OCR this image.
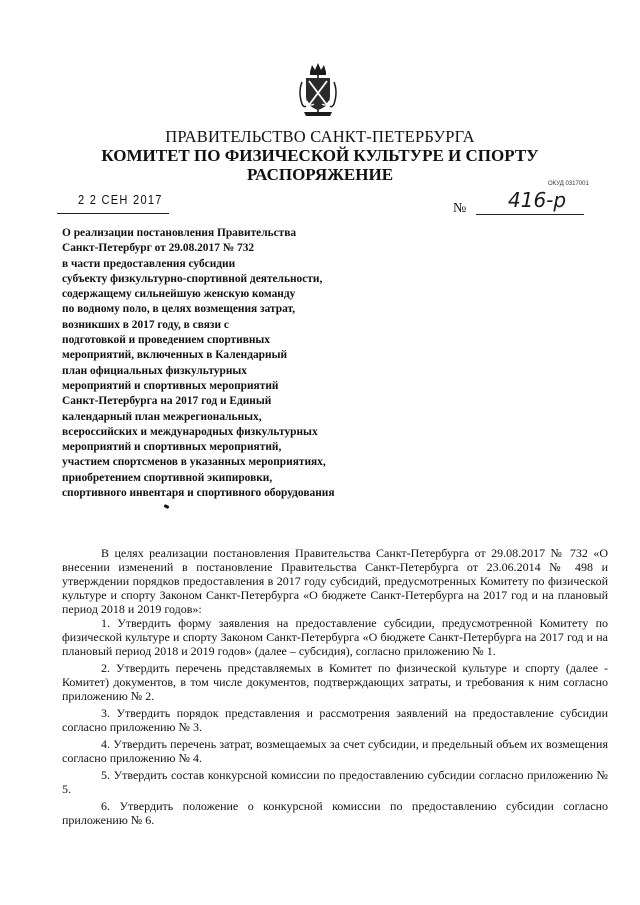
ПРАВИТЕЛЬСТВО САНКТ-ПЕТЕРБУРГА
КОМИТЕТ ПО ФИЗИЧЕСКОЙ КУЛЬТУРЕ И СПОРТУ
РАСПОРЯЖЕНИЕ	ОКУД 0317001
2 2 СЕН 2017
№ 416-р
О реализации постановления Правительства
Санкт-Петербург от 29.08.2017 № 732
в части предоставления субсидии
субъекту физкультурно-спортивной деятельности,
содержащему сильнейшую женскую команду
по водному поло, в целях возмещения затрат,
возникших в 2017 году, в связи с
подготовкой и проведением спортивных
мероприятий, включенных в Календарный
план официальных физкультурных
мероприятий и спортивных мероприятий
Санкт-Петербурга на 2017 год и Единый
календарный план межрегиональных,
всероссийских и международных физкультурных
мероприятий и спортивных мероприятий,
участием спортсменов в указанных мероприятиях,
приобретением спортивной экипировки,
спортивного инвентаря и спортивного оборудования

В целях реализации постановления Правительства Санкт-Петербурга от 29.08.2017 № 732 «О внесении изменений в постановление Правительства Санкт-Петербурга от 23.06.2014 № 498 и утверждении порядков предоставления в 2017 году субсидий, предусмотренных Комитету по физической культуре и спорту Законом Санкт-Петербурга «О бюджете Санкт-Петербурга на 2017 год и на плановый период 2018 и 2019 годов»:

1. Утвердить форму заявления на предоставление субсидии, предусмотренной Комитету по физической культуре и спорту Законом Санкт-Петербурга «О бюджете Санкт-Петербурга на 2017 год и на плановый период 2018 и 2019 годов» (далее – субсидия), согласно приложению № 1.

2. Утвердить перечень представляемых в Комитет по физической культуре и спорту (далее - Комитет) документов, в том числе документов, подтверждающих затраты, и требования к ним согласно приложению № 2.

3. Утвердить порядок представления и рассмотрения заявлений на предоставление субсидии согласно приложению № 3.

4. Утвердить перечень затрат, возмещаемых за счет субсидии, и предельный объем их возмещения согласно приложению № 4.

5. Утвердить состав конкурсной комиссии по предоставлению субсидии согласно приложению № 5.

6. Утвердить положение о конкурсной комиссии по предоставлению субсидии согласно приложению № 6.
